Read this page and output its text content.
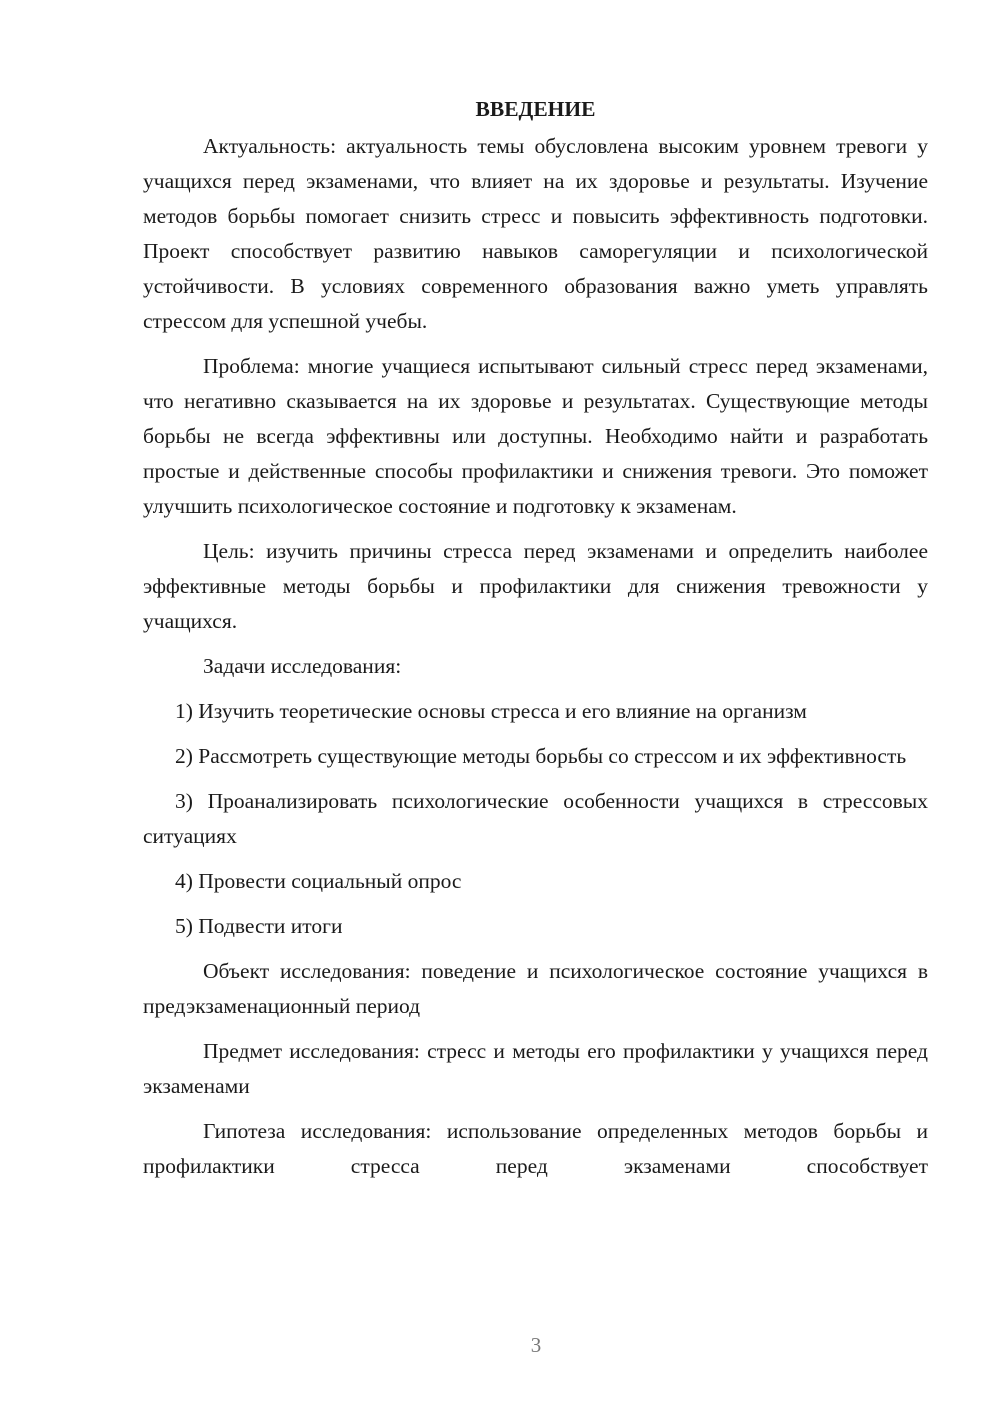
ВВЕДЕНИЕ

Актуальность: актуальность темы обусловлена высоким уровнем тревоги у учащихся перед экзаменами, что влияет на их здоровье и результаты. Изучение методов борьбы помогает снизить стресс и повысить эффективность подготовки. Проект способствует развитию навыков саморегуляции и психологической устойчивости. В условиях современного образования важно уметь управлять стрессом для успешной учебы.

Проблема: многие учащиеся испытывают сильный стресс перед экзаменами, что негативно сказывается на их здоровье и результатах. Существующие методы борьбы не всегда эффективны или доступны. Необходимо найти и разработать простые и действенные способы профилактики и снижения тревоги. Это поможет улучшить психологическое состояние и подготовку к экзаменам.

Цель: изучить причины стресса перед экзаменами и определить наиболее эффективные методы борьбы и профилактики для снижения тревожности у учащихся.

Задачи исследования:

1) Изучить теоретические основы стресса и его влияние на организм

2) Рассмотреть существующие методы борьбы со стрессом и их эффективность

3) Проанализировать психологические особенности учащихся в стрессовых ситуациях

4) Провести социальный опрос

5) Подвести итоги

Объект исследования: поведение и психологическое состояние учащихся в предэкзаменационный период

Предмет исследования: стресс и методы его профилактики у учащихся перед экзаменами

Гипотеза исследования: использование определенных методов борьбы и профилактики стресса перед экзаменами способствует

3
